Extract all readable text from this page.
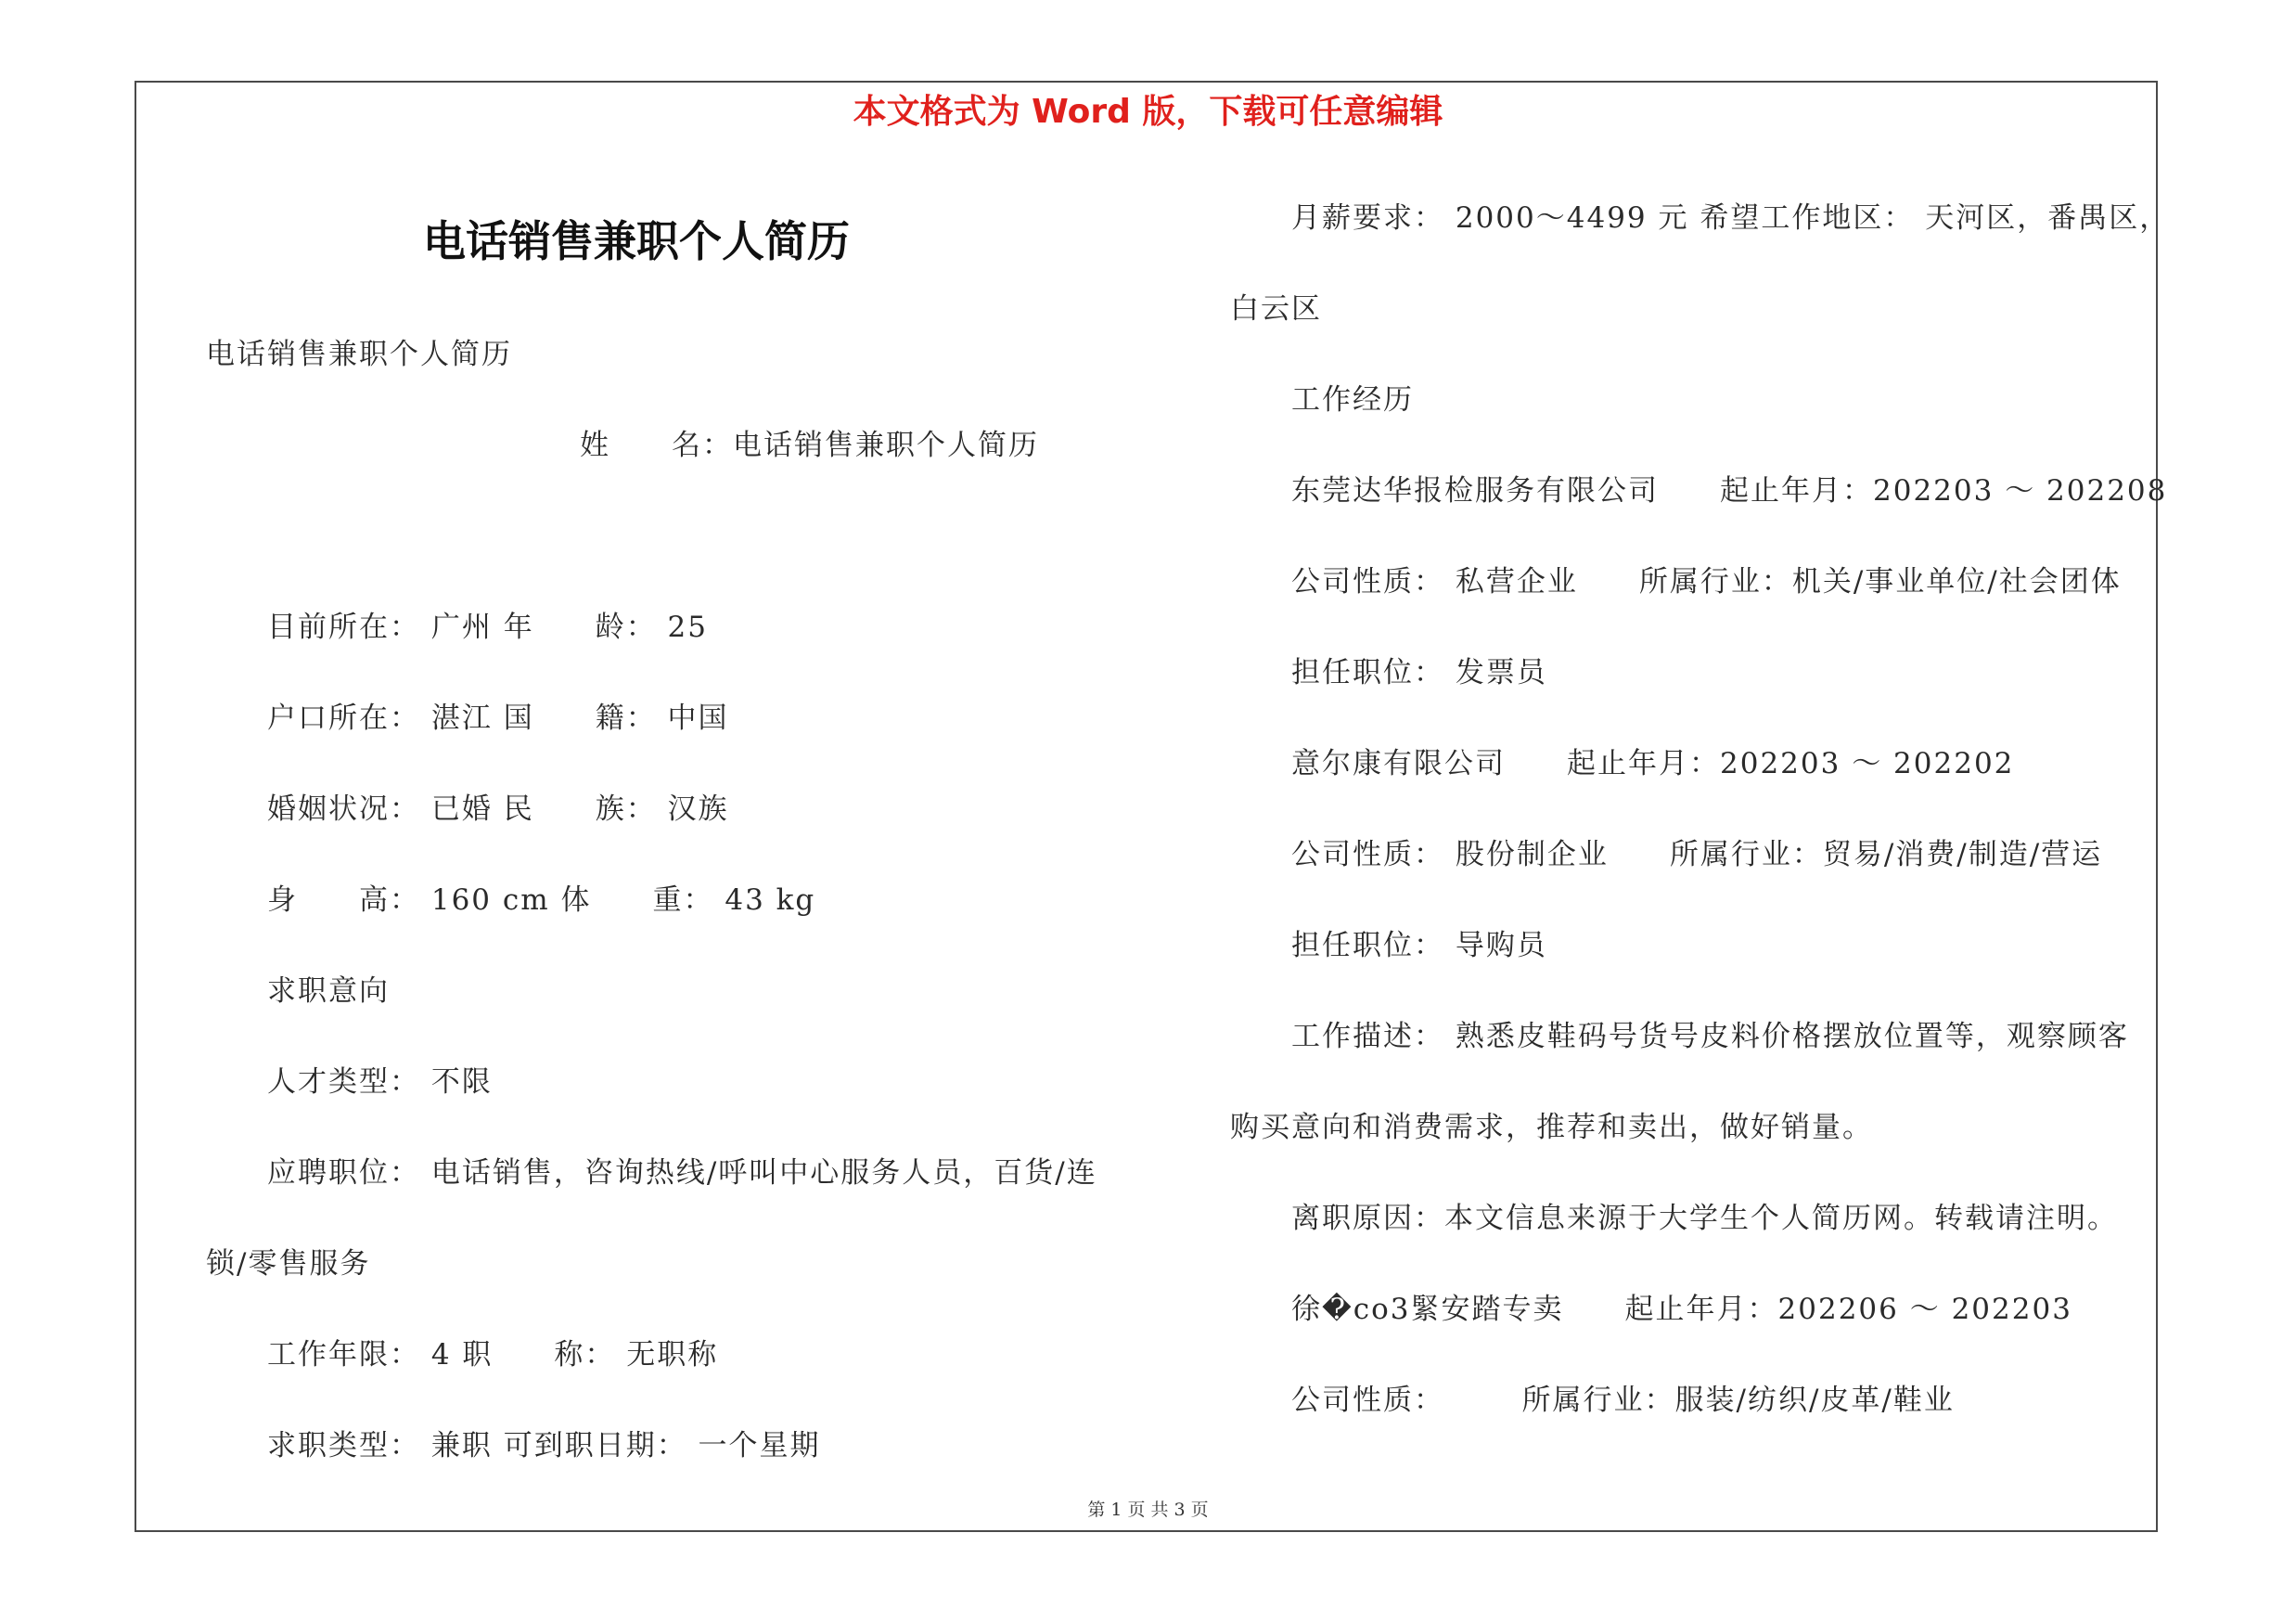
本文格式为 Word 版，下载可任意编辑
电话销售兼职个人简历
电话销售兼职个人简历
姓　　名：电话销售兼职个人简历
目前所在： 广州 年　　龄： 25
户口所在： 湛江 国　　籍： 中国
婚姻状况： 已婚 民　　族： 汉族
身　　高： 160 cm 体　　重： 43 kg
求职意向
人才类型： 不限
应聘职位： 电话销售，咨询热线/呼叫中心服务人员，百货/连
锁/零售服务
工作年限： 4 职　　称： 无职称
求职类型： 兼职 可到职日期： 一个星期
月薪要求： 2000～4499 元 希望工作地区： 天河区，番禺区，
白云区
工作经历
东莞达华报检服务有限公司　　起止年月：202203 ～ 202208
公司性质： 私营企业　　所属行业：机关/事业单位/社会团体
担任职位： 发票员
意尔康有限公司　　起止年月：202203 ～ 202202
公司性质： 股份制企业　　所属行业：贸易/消费/制造/营运
担任职位： 导购员
工作描述： 熟悉皮鞋码号货号皮料价格摆放位置等，观察顾客
购买意向和消费需求，推荐和卖出，做好销量。
离职原因：本文信息来源于大学生个人简历网。转载请注明。
徐�co3緊安踏专卖　　起止年月：202206 ～ 202203
公司性质：　　　所属行业：服装/纺织/皮革/鞋业
第 1 页 共 3 页
